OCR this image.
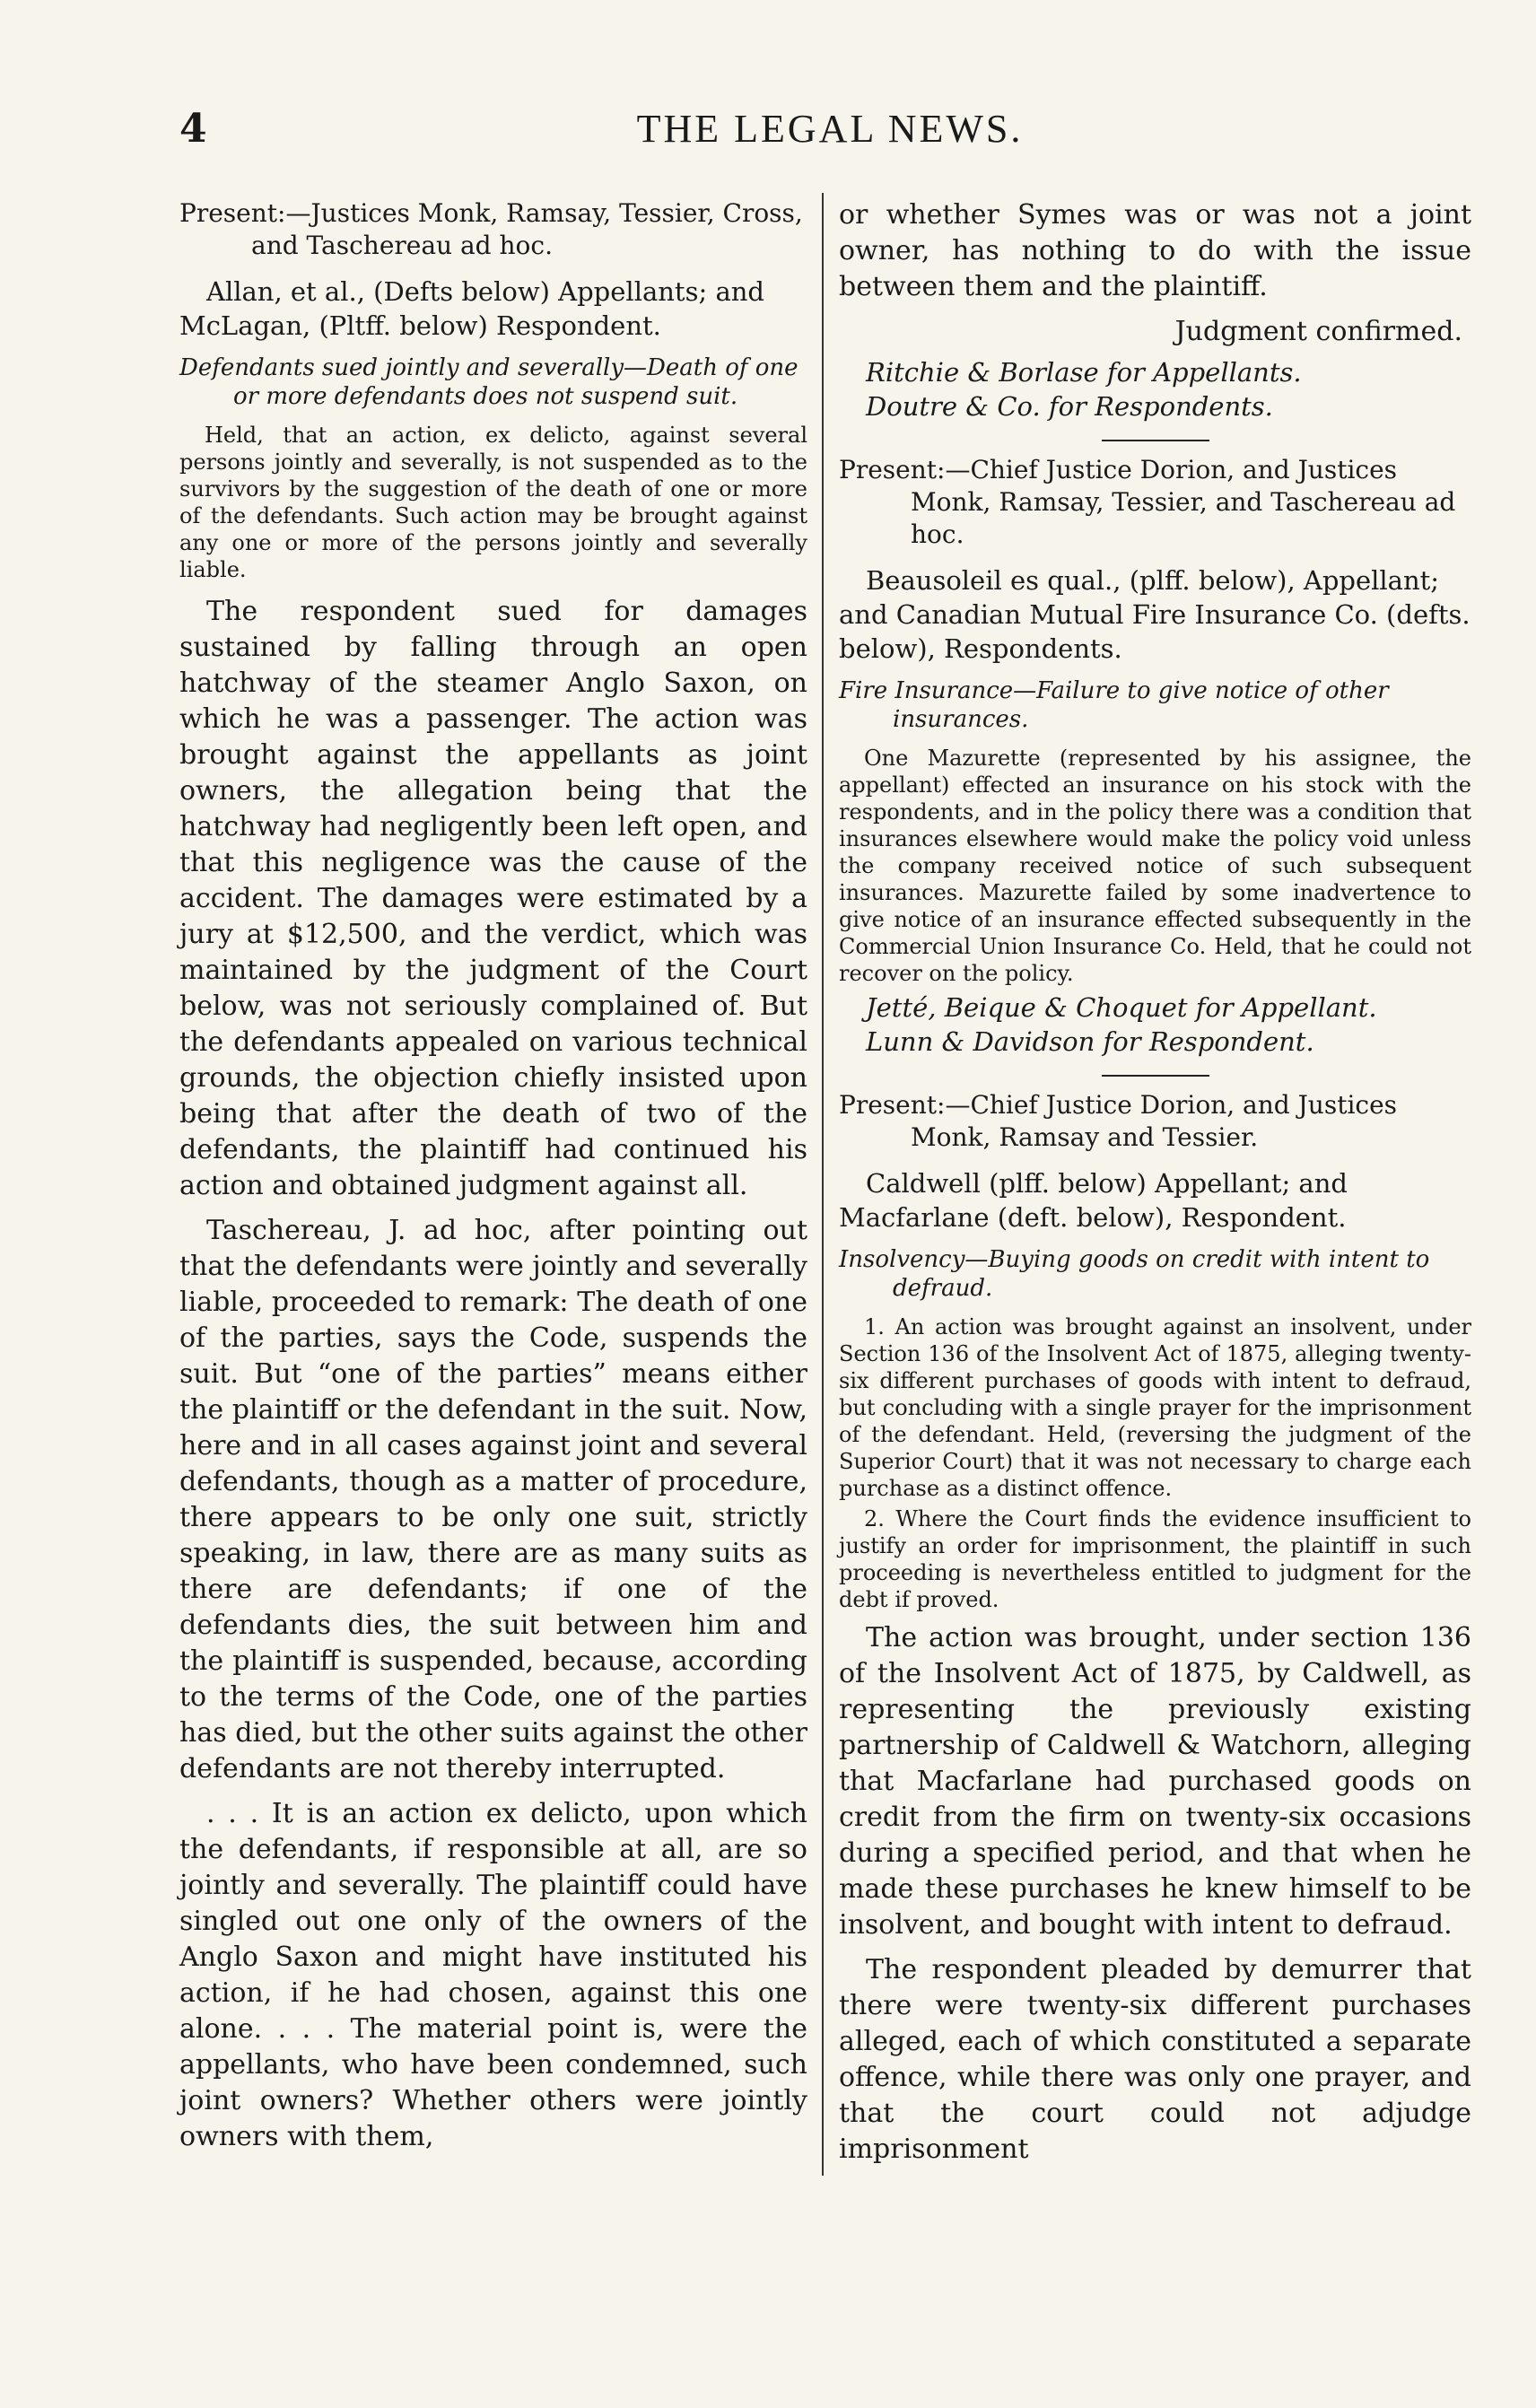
4	THE LEGAL NEWS.

Present:—Justices Monk, Ramsay, Tessier, Cross, and Taschereau ad hoc.

Allan, et al., (Defts below) Appellants; and McLagan, (Pltff. below) Respondent.

Defendants sued jointly and severally—Death of one or more defendants does not suspend suit.

Held, that an action, ex delicto, against several persons jointly and severally, is not suspended as to the survivors by the suggestion of the death of one or more of the defendants. Such action may be brought against any one or more of the persons jointly and severally liable.

The respondent sued for damages sustained by falling through an open hatchway of the steamer Anglo Saxon, on which he was a passenger. The action was brought against the appellants as joint owners, the allegation being that the hatchway had negligently been left open, and that this negligence was the cause of the accident. The damages were estimated by a jury at $12,500, and the verdict, which was maintained by the judgment of the Court below, was not seriously complained of. But the defendants appealed on various technical grounds, the objection chiefly insisted upon being that after the death of two of the defendants, the plaintiff had continued his action and obtained judgment against all.

Taschereau, J. ad hoc, after pointing out that the defendants were jointly and severally liable, proceeded to remark: The death of one of the parties, says the Code, suspends the suit. But “one of the parties” means either the plaintiff or the defendant in the suit. Now, here and in all cases against joint and several defendants, though as a matter of procedure, there appears to be only one suit, strictly speaking, in law, there are as many suits as there are defendants; if one of the defendants dies, the suit between him and the plaintiff is suspended, because, according to the terms of the Code, one of the parties has died, but the other suits against the other defendants are not thereby interrupted.

. . . It is an action ex delicto, upon which the defendants, if responsible at all, are so jointly and severally. The plaintiff could have singled out one only of the owners of the Anglo Saxon and might have instituted his action, if he had chosen, against this one alone. . . . The material point is, were the appellants, who have been condemned, such joint owners? Whether others were jointly owners with them,

or whether Symes was or was not a joint owner, has nothing to do with the issue between them and the plaintiff.

Judgment confirmed.

Ritchie & Borlase for Appellants.

Doutre & Co. for Respondents.

Present:—Chief Justice Dorion, and Justices Monk, Ramsay, Tessier, and Taschereau ad hoc.

Beausoleil es qual., (plff. below), Appellant; and Canadian Mutual Fire Insurance Co. (defts. below), Respondents.

Fire Insurance—Failure to give notice of other insurances.

One Mazurette (represented by his assignee, the appellant) effected an insurance on his stock with the respondents, and in the policy there was a condition that insurances elsewhere would make the policy void unless the company received notice of such subsequent insurances. Mazurette failed by some inadvertence to give notice of an insurance effected subsequently in the Commercial Union Insurance Co. Held, that he could not recover on the policy.

Jetté, Beique & Choquet for Appellant.

Lunn & Davidson for Respondent.

Present:—Chief Justice Dorion, and Justices Monk, Ramsay and Tessier.

Caldwell (plff. below) Appellant; and Macfarlane (deft. below), Respondent.

Insolvency—Buying goods on credit with intent to defraud.

1. An action was brought against an insolvent, under Section 136 of the Insolvent Act of 1875, alleging twenty-six different purchases of goods with intent to defraud, but concluding with a single prayer for the imprisonment of the defendant. Held, (reversing the judgment of the Superior Court) that it was not necessary to charge each purchase as a distinct offence.

2. Where the Court finds the evidence insufficient to justify an order for imprisonment, the plaintiff in such proceeding is nevertheless entitled to judgment for the debt if proved.

The action was brought, under section 136 of the Insolvent Act of 1875, by Caldwell, as representing the previously existing partnership of Caldwell & Watchorn, alleging that Macfarlane had purchased goods on credit from the firm on twenty-six occasions during a specified period, and that when he made these purchases he knew himself to be insolvent, and bought with intent to defraud.

The respondent pleaded by demurrer that there were twenty-six different purchases alleged, each of which constituted a separate offence, while there was only one prayer, and that the court could not adjudge imprisonment
